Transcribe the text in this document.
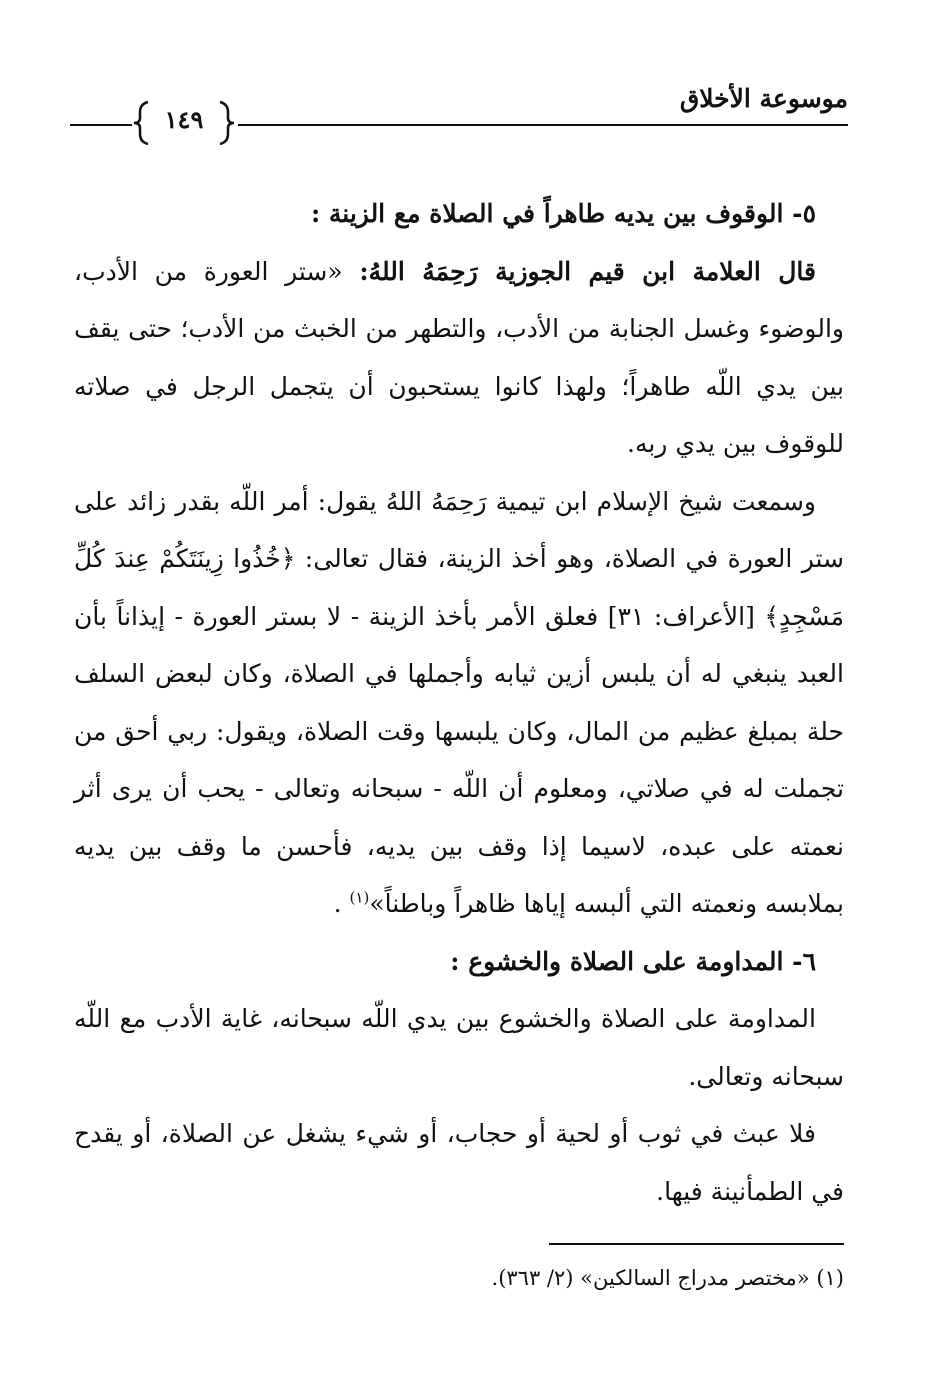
موسوعة الأخلاق
١٤٩

٥- الوقوف بين يديه طاهراً في الصلاة مع الزينة :

قال العلامة ابن قيم الجوزية رَحِمَهُ اللهُ: «ستر العورة من الأدب، والوضوء وغسل الجنابة من الأدب، والتطهر من الخبث من الأدب؛ حتى يقف بين يدي اللّه طاهراً؛ ولهذا كانوا يستحبون أن يتجمل الرجل في صلاته للوقوف بين يدي ربه.

وسمعت شيخ الإسلام ابن تيمية رَحِمَهُ اللهُ يقول: أمر اللّه بقدر زائد على ستر العورة في الصلاة، وهو أخذ الزينة، فقال تعالى: ﴿خُذُوا زِينَتَكُمْ عِندَ كُلِّ مَسْجِدٍ﴾ [الأعراف: ٣١] فعلق الأمر بأخذ الزينة - لا بستر العورة - إيذاناً بأن العبد ينبغي له أن يلبس أزين ثيابه وأجملها في الصلاة، وكان لبعض السلف حلة بمبلغ عظيم من المال، وكان يلبسها وقت الصلاة، ويقول: ربي أحق من تجملت له في صلاتي، ومعلوم أن اللّه - سبحانه وتعالى - يحب أن يرى أثر نعمته على عبده، لاسيما إذا وقف بين يديه، فأحسن ما وقف بين يديه بملابسه ونعمته التي ألبسه إياها ظاهراً وباطناً»$^{(١)}$ .

٦- المداومة على الصلاة والخشوع :

المداومة على الصلاة والخشوع بين يدي اللّه سبحانه، غاية الأدب مع اللّه سبحانه وتعالى.

فلا عبث في ثوب أو لحية أو حجاب، أو شيء يشغل عن الصلاة، أو يقدح في الطمأنينة فيها.

(١) «مختصر مدراج السالكين» (٢/ ٣٦٣).
